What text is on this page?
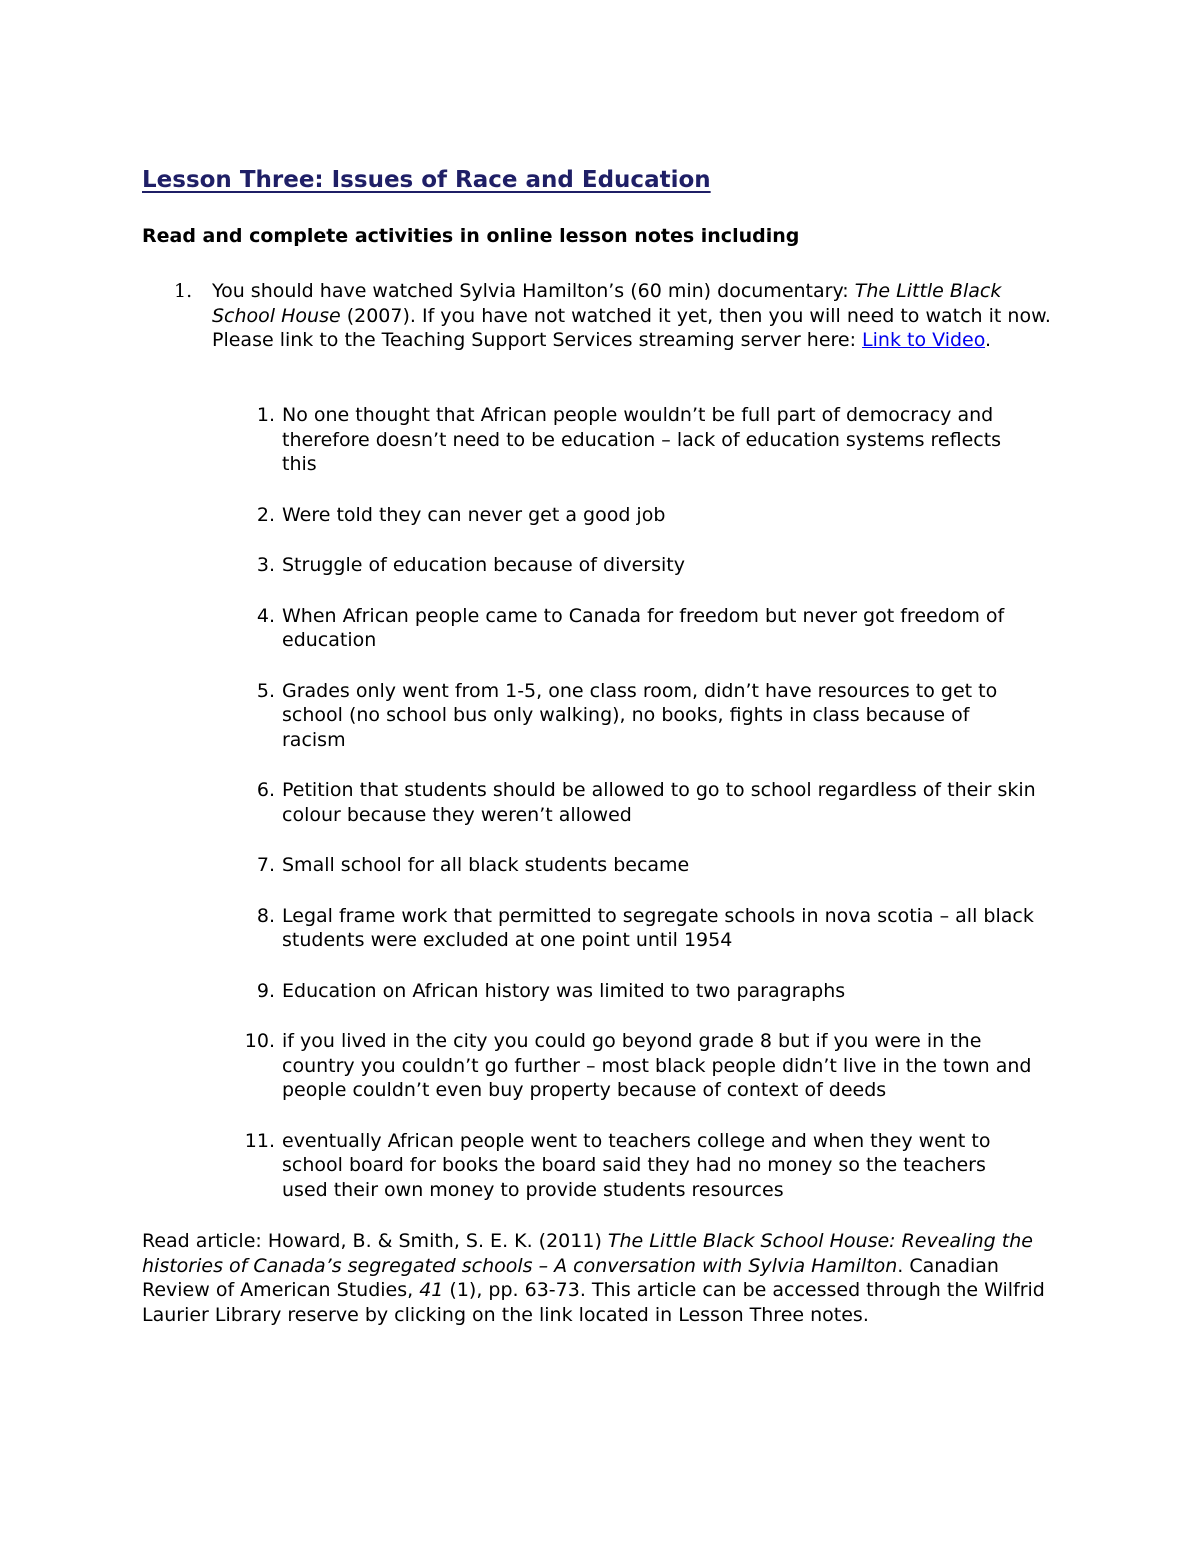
Lesson Three: Issues of Race and Education
Read and complete activities in online lesson notes including
1. You should have watched Sylvia Hamilton’s (60 min) documentary: The Little Black School House (2007). If you have not watched it yet, then you will need to watch it now. Please link to the Teaching Support Services streaming server here: Link to Video.
1. No one thought that African people wouldn’t be full part of democracy and therefore doesn’t need to be education – lack of education systems reflects this
2. Were told they can never get a good job
3. Struggle of education because of diversity
4. When African people came to Canada for freedom but never got freedom of education
5. Grades only went from 1-5, one class room, didn’t have resources to get to school (no school bus only walking), no books, fights in class because of racism
6. Petition that students should be allowed to go to school regardless of their skin colour because they weren’t allowed
7. Small school for all black students became
8. Legal frame work that permitted to segregate schools in nova scotia – all black students were excluded at one point until 1954
9. Education on African history was limited to two paragraphs
10. if you lived in the city you could go beyond grade 8 but if you were in the country you couldn’t go further – most black people didn’t live in the town and people couldn’t even buy property because of context of deeds
11. eventually African people went to teachers college and when they went to school board for books the board said they had no money so the teachers used their own money to provide students resources
Read article: Howard, B. & Smith, S. E. K. (2011) The Little Black School House: Revealing the histories of Canada’s segregated schools – A conversation with Sylvia Hamilton. Canadian Review of American Studies, 41 (1), pp. 63-73. This article can be accessed through the Wilfrid Laurier Library reserve by clicking on the link located in Lesson Three notes.
